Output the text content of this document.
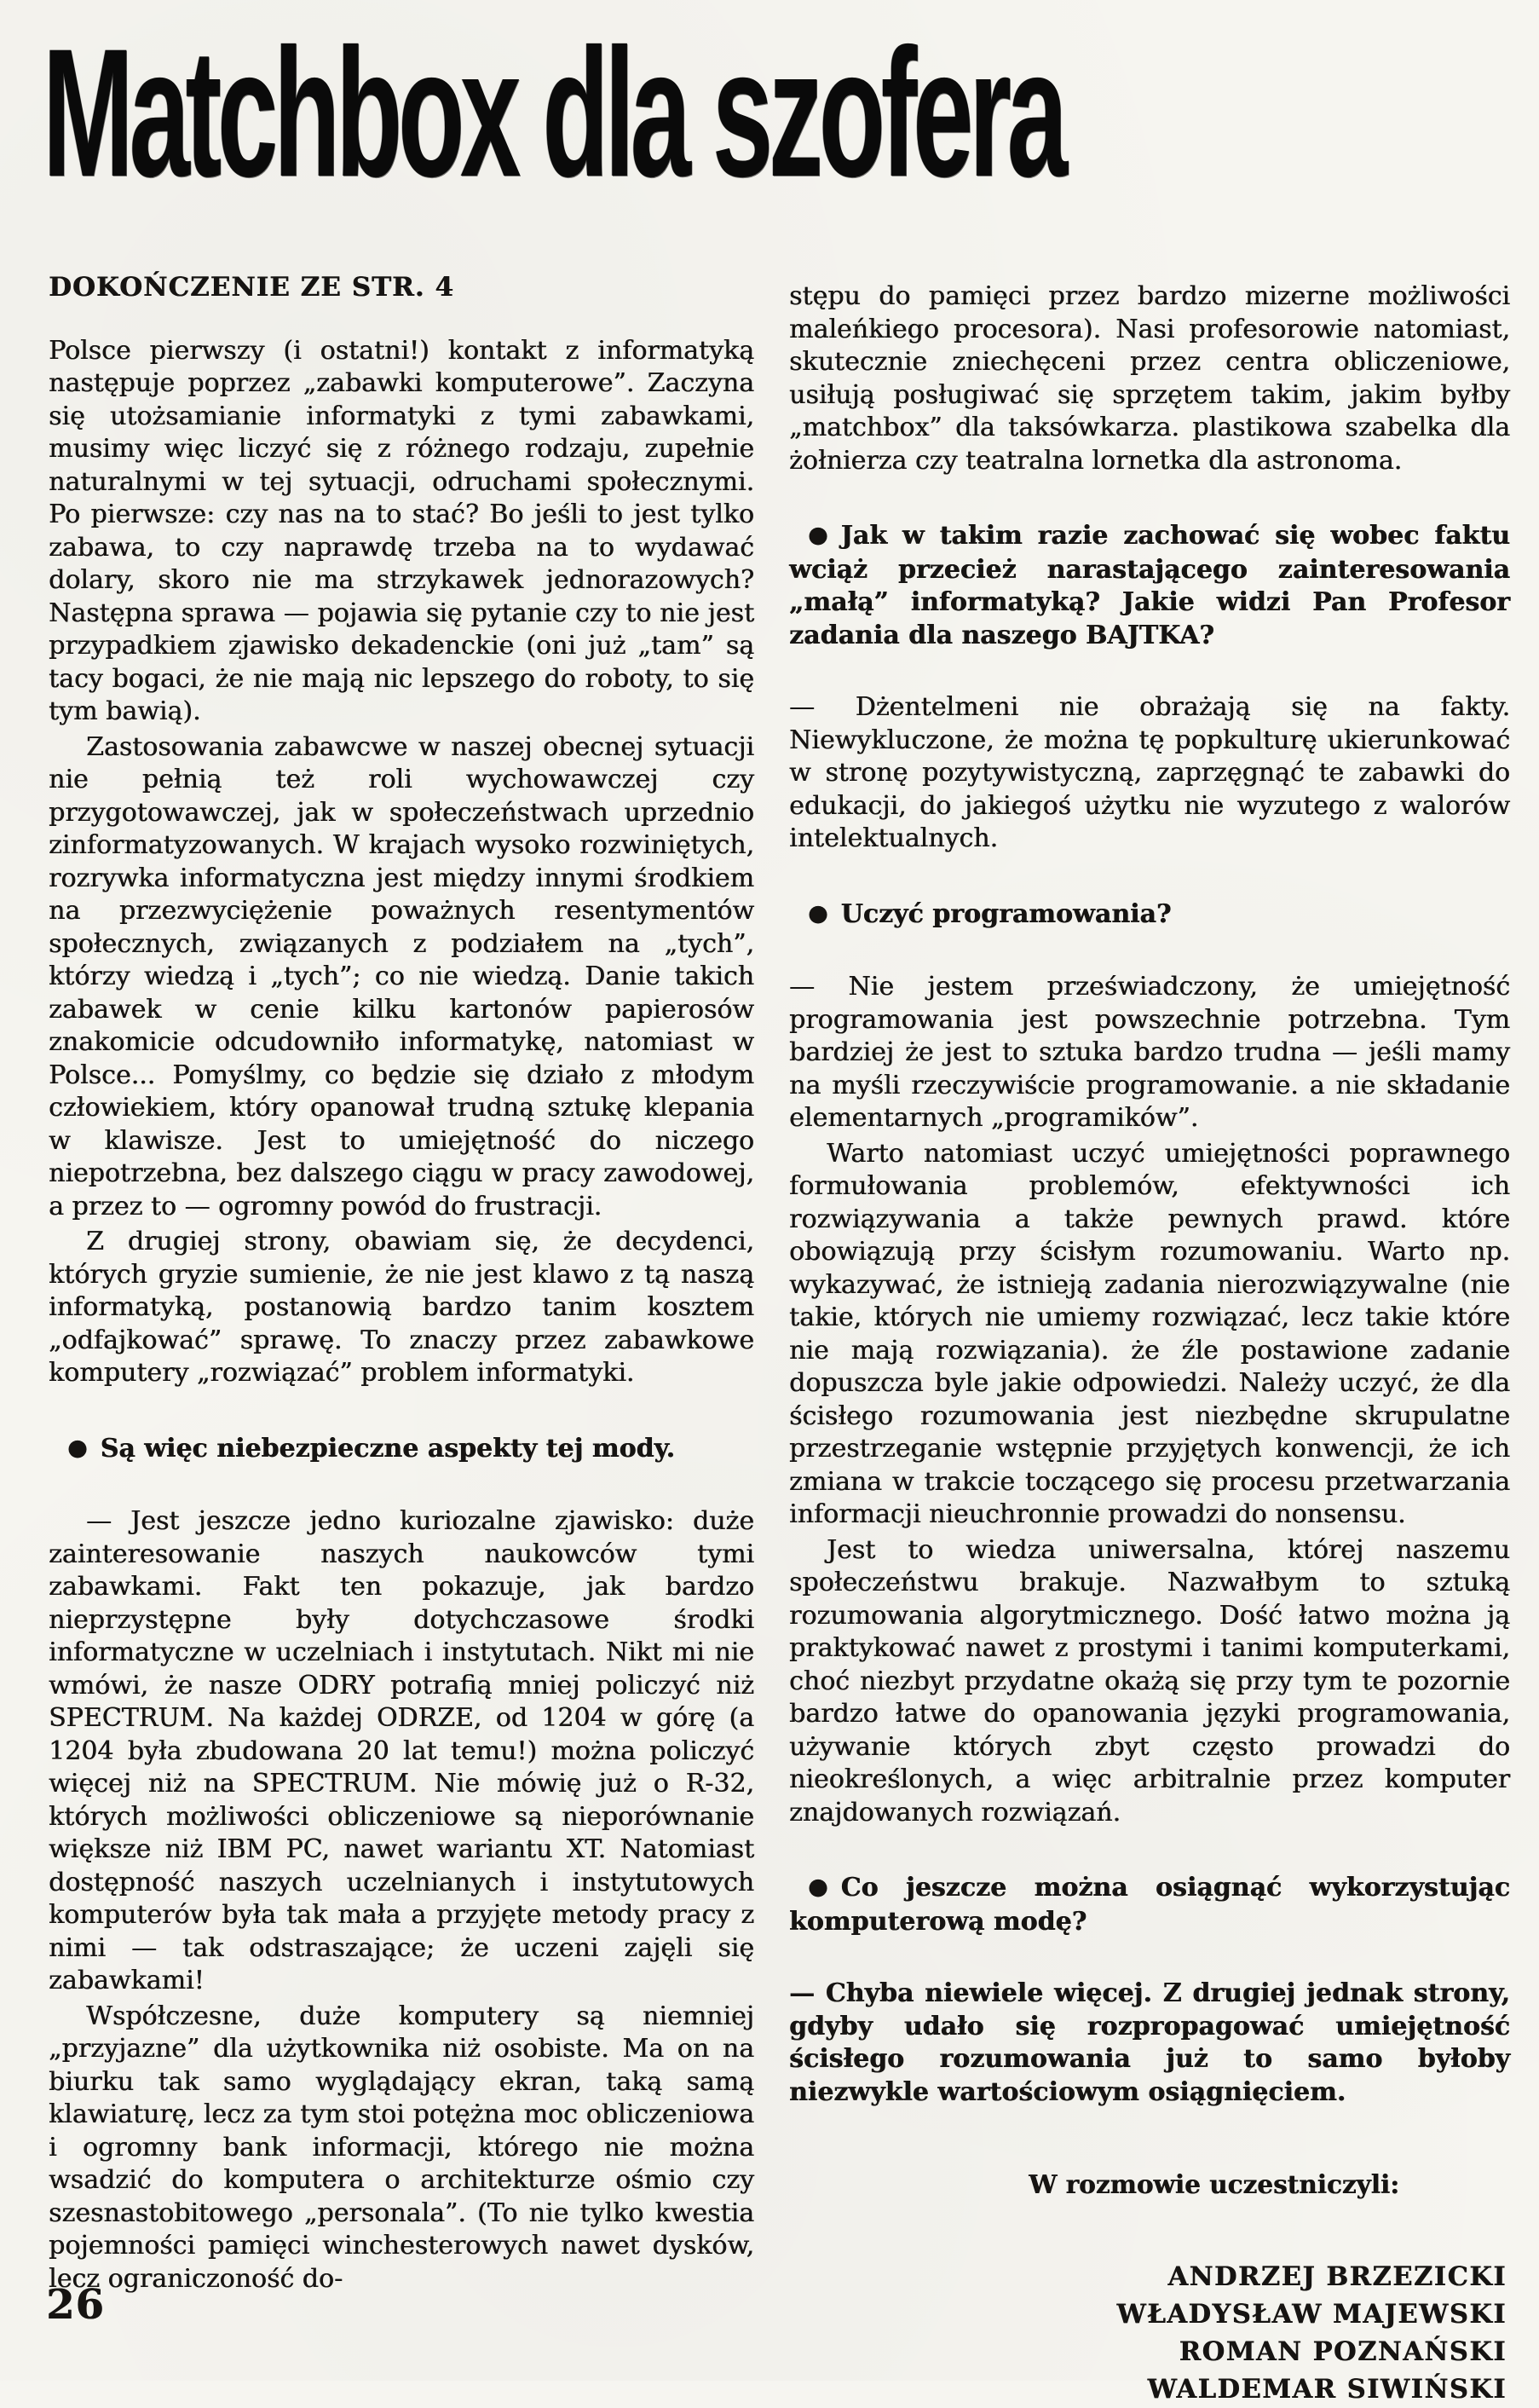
Matchbox dla szofera
DOKOŃCZENIE ZE STR. 4

Polsce pierwszy (i ostatni!) kontakt z informatyką następuje poprzez „zabawki komputerowe”. Zaczyna się utożsamianie informatyki z tymi zabawkami, musimy więc liczyć się z różnego rodzaju, zupełnie naturalnymi w tej sytuacji, odruchami społecznymi. Po pierwsze: czy nas na to stać? Bo jeśli to jest tylko zabawa, to czy naprawdę trzeba na to wydawać dolary, skoro nie ma strzykawek jednorazowych? Następna sprawa — pojawia się pytanie czy to nie jest przypadkiem zjawisko dekadenckie (oni już „tam” są tacy bogaci, że nie mają nic lepszego do roboty, to się tym bawią).

Zastosowania zabawcwe w naszej obecnej sytuacji nie pełnią też roli wychowawczej czy przygotowawczej, jak w społeczeństwach uprzednio zinformatyzowanych. W krajach wysoko rozwiniętych, rozrywka informatyczna jest między innymi środkiem na przezwyciężenie poważnych resentymentów społecznych, związanych z podziałem na „tych”, którzy wiedzą i „tych”; co nie wiedzą. Danie takich zabawek w cenie kilku kartonów papierosów znakomicie odcudowniło informatykę, natomiast w Polsce... Pomyślmy, co będzie się działo z młodym człowiekiem, który opanował trudną sztukę klepania w klawisze. Jest to umiejętność do niczego niepotrzebna, bez dalszego ciągu w pracy zawodowej, a przez to — ogromny powód do frustracji.

Z drugiej strony, obawiam się, że decydenci, których gryzie sumienie, że nie jest klawo z tą naszą informatyką, postanowią bardzo tanim kosztem „odfajkować” sprawę. To znaczy przez zabawkowe komputery „rozwiązać” problem informatyki.

● Są więc niebezpieczne aspekty tej mody.

— Jest jeszcze jedno kuriozalne zjawisko: duże zainteresowanie naszych naukowców tymi zabawkami. Fakt ten pokazuje, jak bardzo nieprzystępne były dotychczasowe środki informatyczne w uczelniach i instytutach. Nikt mi nie wmówi, że nasze ODRY potrafią mniej policzyć niż SPECTRUM. Na każdej ODRZE, od 1204 w górę (a 1204 była zbudowana 20 lat temu!) można policzyć więcej niż na SPECTRUM. Nie mówię już o R-32, których możliwości obliczeniowe są nieporównanie większe niż IBM PC, nawet wariantu XT. Natomiast dostępność naszych uczelnianych i instytutowych komputerów była tak mała a przyjęte metody pracy z nimi — tak odstraszające; że uczeni zajęli się zabawkami!

Współczesne, duże komputery są niemniej „przyjazne” dla użytkownika niż osobiste. Ma on na biurku tak samo wyglądający ekran, taką samą klawiaturę, lecz za tym stoi potężna moc obliczeniowa i ogromny bank informacji, którego nie można wsadzić do komputera o architekturze ośmio czy szesnastobitowego „personala”. (To nie tylko kwestia pojemności pamięci winchesterowych nawet dysków, lecz ograniczoność do-

stępu do pamięci przez bardzo mizerne możliwości maleńkiego procesora). Nasi profesorowie natomiast, skutecznie zniechęceni przez centra obliczeniowe, usiłują posługiwać się sprzętem takim, jakim byłby „matchbox” dla taksówkarza. plastikowa szabelka dla żołnierza czy teatralna lornetka dla astronoma.

● Jak w takim razie zachować się wobec faktu wciąż przecież narastającego zainteresowania „małą” informatyką? Jakie widzi Pan Profesor zadania dla naszego BAJTKA?

— Dżentelmeni nie obrażają się na fakty. Niewykluczone, że można tę popkulturę ukierunkować w stronę pozytywistyczną, zaprzęgnąć te zabawki do edukacji, do jakiegoś użytku nie wyzutego z walorów intelektualnych.

● Uczyć programowania?

— Nie jestem przeświadczony, że umiejętność programowania jest powszechnie potrzebna. Tym bardziej że jest to sztuka bardzo trudna — jeśli mamy na myśli rzeczywiście programowanie. a nie składanie elementarnych „programików”.

Warto natomiast uczyć umiejętności poprawnego formułowania problemów, efektywności ich rozwiązywania a także pewnych prawd. które obowiązują przy ścisłym rozumowaniu. Warto np. wykazywać, że istnieją zadania nierozwiązywalne (nie takie, których nie umiemy rozwiązać, lecz takie które nie mają rozwiązania). że źle postawione zadanie dopuszcza byle jakie odpowiedzi. Należy uczyć, że dla ścisłego rozumowania jest niezbędne skrupulatne przestrzeganie wstępnie przyjętych konwencji, że ich zmiana w trakcie toczącego się procesu przetwarzania informacji nieuchronnie prowadzi do nonsensu.

Jest to wiedza uniwersalna, której naszemu społeczeństwu brakuje. Nazwałbym to sztuką rozumowania algorytmicznego. Dość łatwo można ją praktykować nawet z prostymi i tanimi komputerkami, choć niezbyt przydatne okażą się przy tym te pozornie bardzo łatwe do opanowania języki programowania, używanie których zbyt często prowadzi do nieokreślonych, a więc arbitralnie przez komputer znajdowanych rozwiązań.

● Co jeszcze można osiągnąć wykorzystując komputerową modę?

— Chyba niewiele więcej. Z drugiej jednak strony, gdyby udało się rozpropagować umiejętność ścisłego rozumowania już to samo byłoby niezwykle wartościowym osiągnięciem.

W rozmowie uczestniczyli:
ANDRZEJ BRZEZICKI
WŁADYSŁAW MAJEWSKI
ROMAN POZNAŃSKI
WALDEMAR SIWIŃSKI
26
